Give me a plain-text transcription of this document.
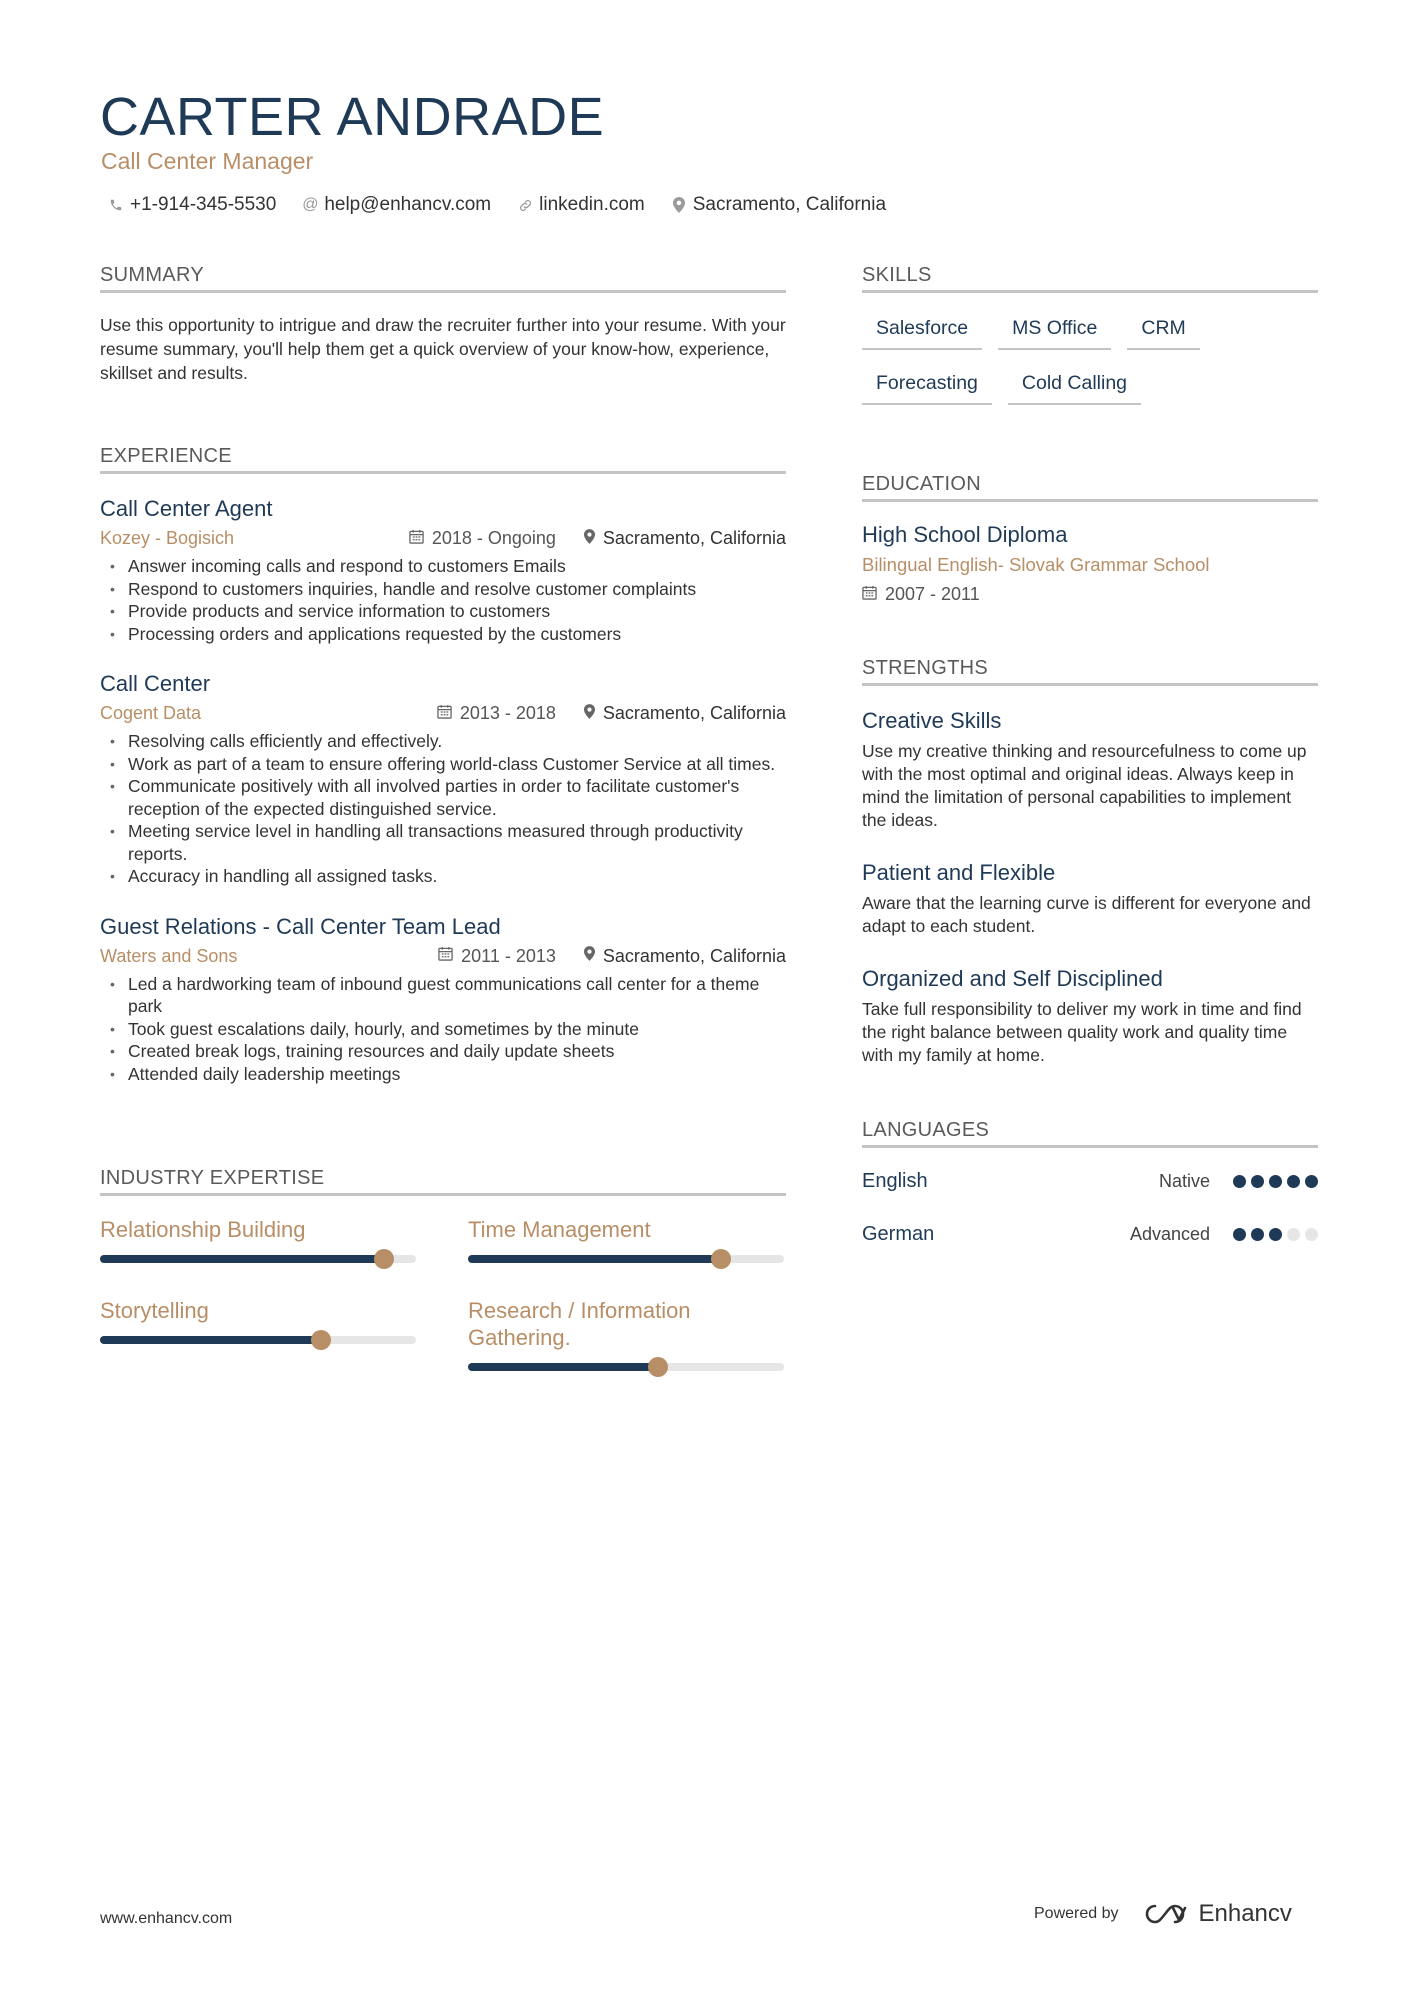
CARTER ANDRADE
Call Center Manager
+1-914-345-5530 @ help@enhancv.com	linkedin.com	Sacramento, California
SUMMARY

Use this opportunity to intrigue and draw the recruiter further into your resume. With your resume summary, you'll help them get a quick overview of your know-how, experience, skillset and results.

EXPERIENCE
Call Center Agent
Kozey - Bogisich	2018 - Ongoing	Sacramento, California
• Answer incoming calls and respond to customers Emails
• Respond to customers inquiries, handle and resolve customer complaints
• Provide products and service information to customers
• Processing orders and applications requested by the customers
Call Center
Cogent Data	2013 - 2018	Sacramento, California
• Resolving calls efficiently and effectively.
• Work as part of a team to ensure offering world-class Customer Service at all times.
• Communicate positively with all involved parties in order to facilitate customer's reception of the expected distinguished service.
• Meeting service level in handling all transactions measured through productivity reports.
• Accuracy in handling all assigned tasks.
Guest Relations - Call Center Team Lead
Waters and Sons	2011 - 2013	Sacramento, California
• Led a hardworking team of inbound guest communications call center for a theme park
• Took guest escalations daily, hourly, and sometimes by the minute
• Created break logs, training resources and daily update sheets
• Attended daily leadership meetings
INDUSTRY EXPERTISE
Relationship Building	Time Management
Storytelling	Research / Information Gathering.
SKILLS
Salesforce	MS Office	CRM
Forecasting	Cold Calling
EDUCATION
High School Diploma
Bilingual English- Slovak Grammar School
2007 - 2011
STRENGTHS
Creative Skills
Use my creative thinking and resourcefulness to come up with the most optimal and original ideas. Always keep in mind the limitation of personal capabilities to implement the ideas.
Patient and Flexible
Aware that the learning curve is different for everyone and adapt to each student.
Organized and Self Disciplined
Take full responsibility to deliver my work in time and find the right balance between quality work and quality time with my family at home.
LANGUAGES
English	Native
German	Advanced
www.enhancv.com	Powered by	Enhancv
